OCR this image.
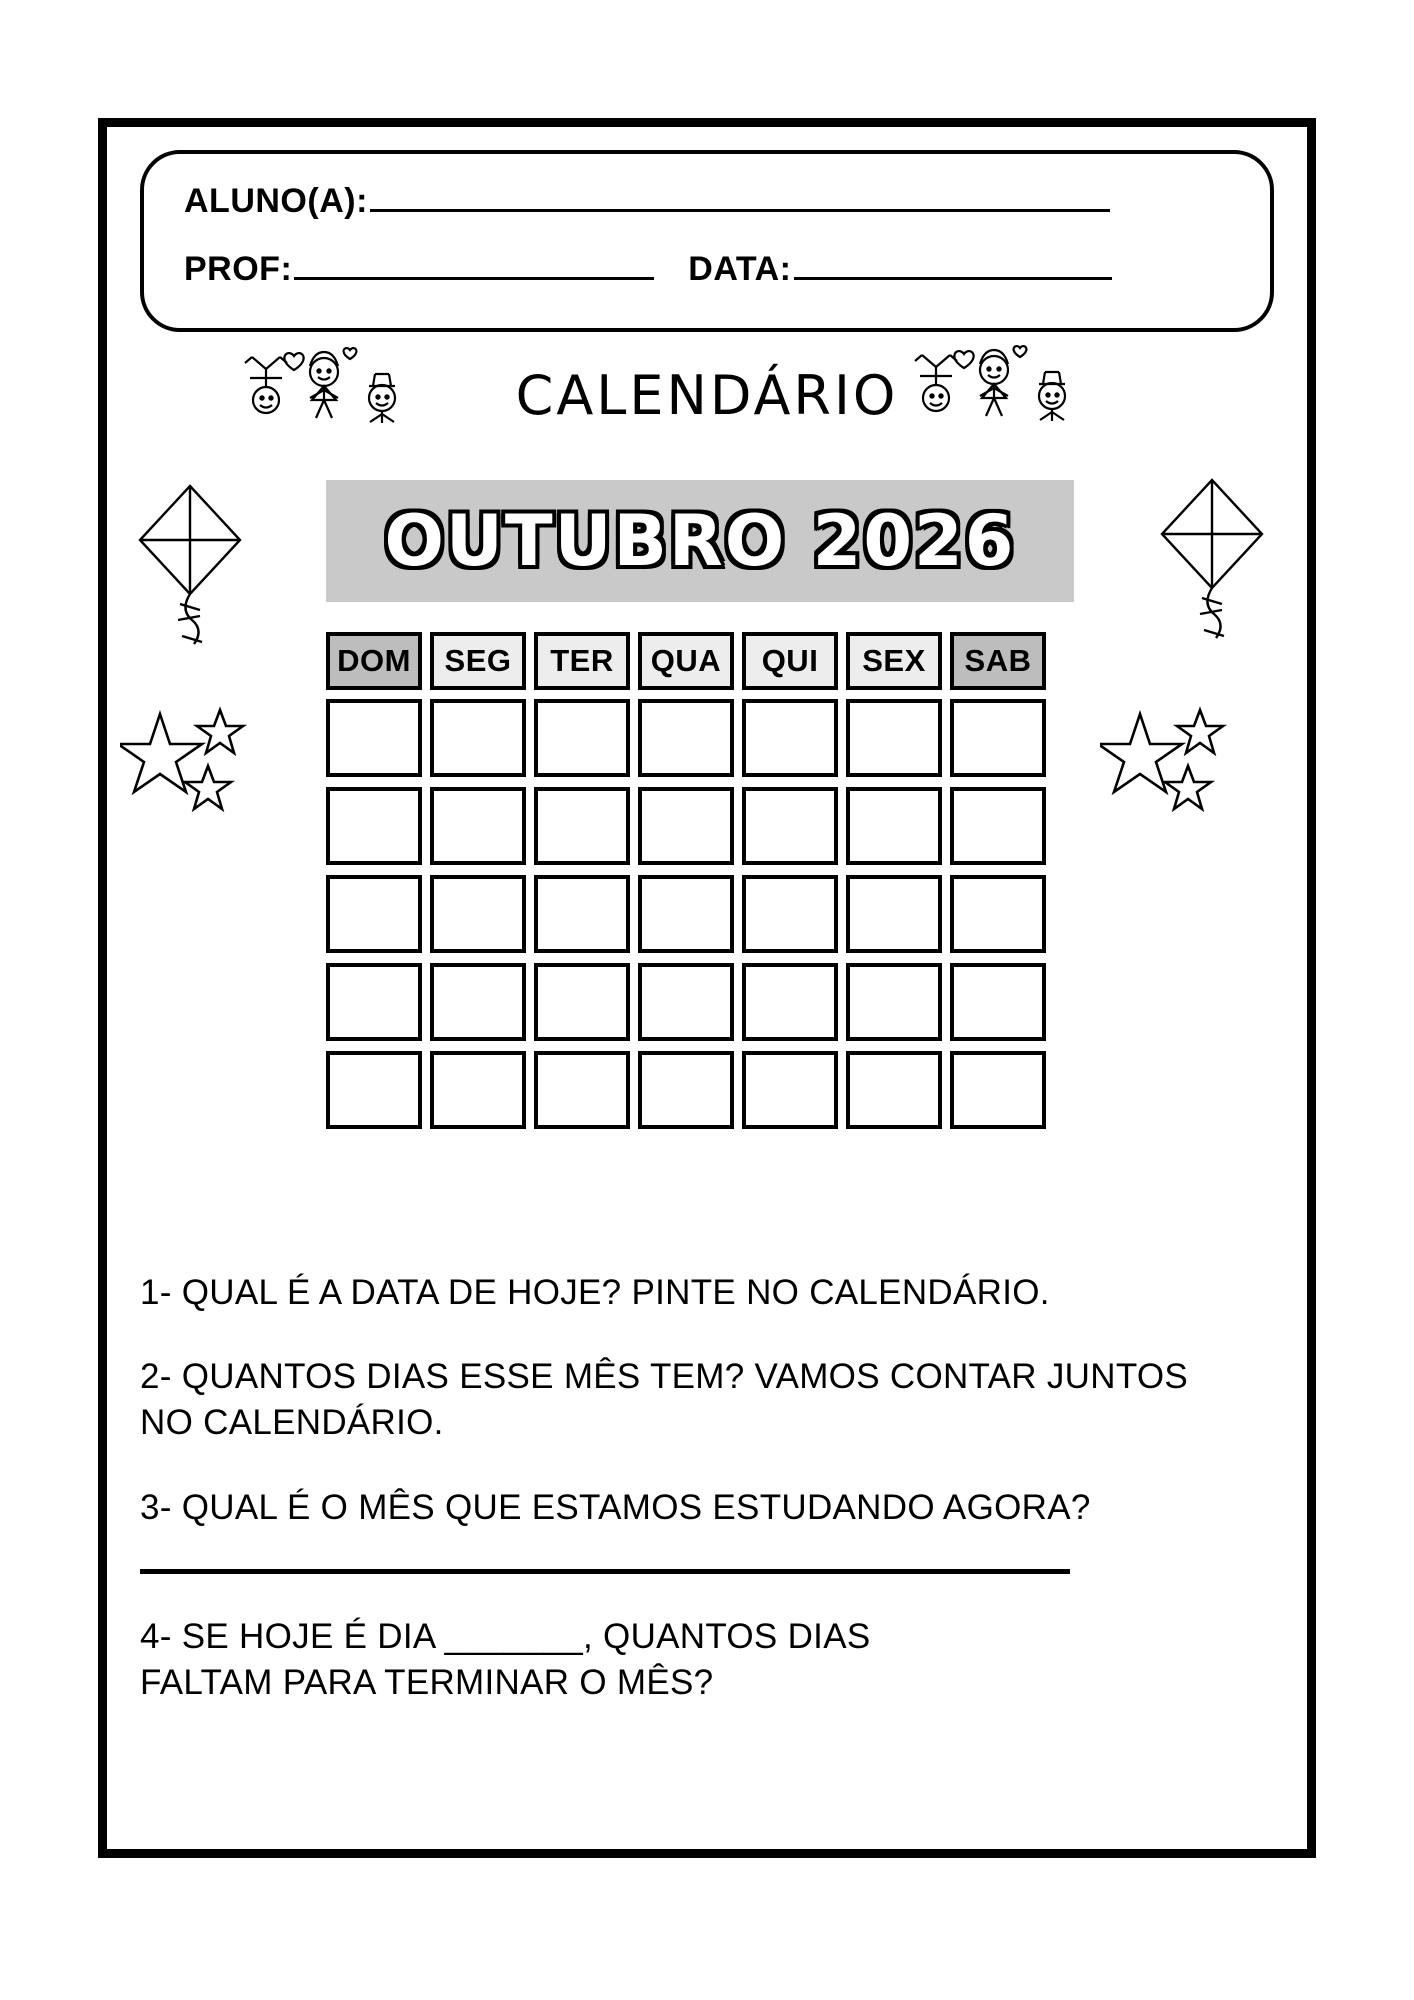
ALUNO(A):
PROF:	DATA:
CALENDÁRIO
OUTUBRO 2026
DOM	SEG	TER	QUA	QUI	SEX	SAB
1- QUAL É A DATA DE HOJE? PINTE NO CALENDÁRIO.
2- QUANTOS DIAS ESSE MÊS TEM? VAMOS CONTAR JUNTOS NO CALENDÁRIO.
3- QUAL É O MÊS QUE ESTAMOS ESTUDANDO AGORA?
4- SE HOJE É DIA _______, QUANTOS DIAS FALTAM PARA TERMINAR O MÊS?
